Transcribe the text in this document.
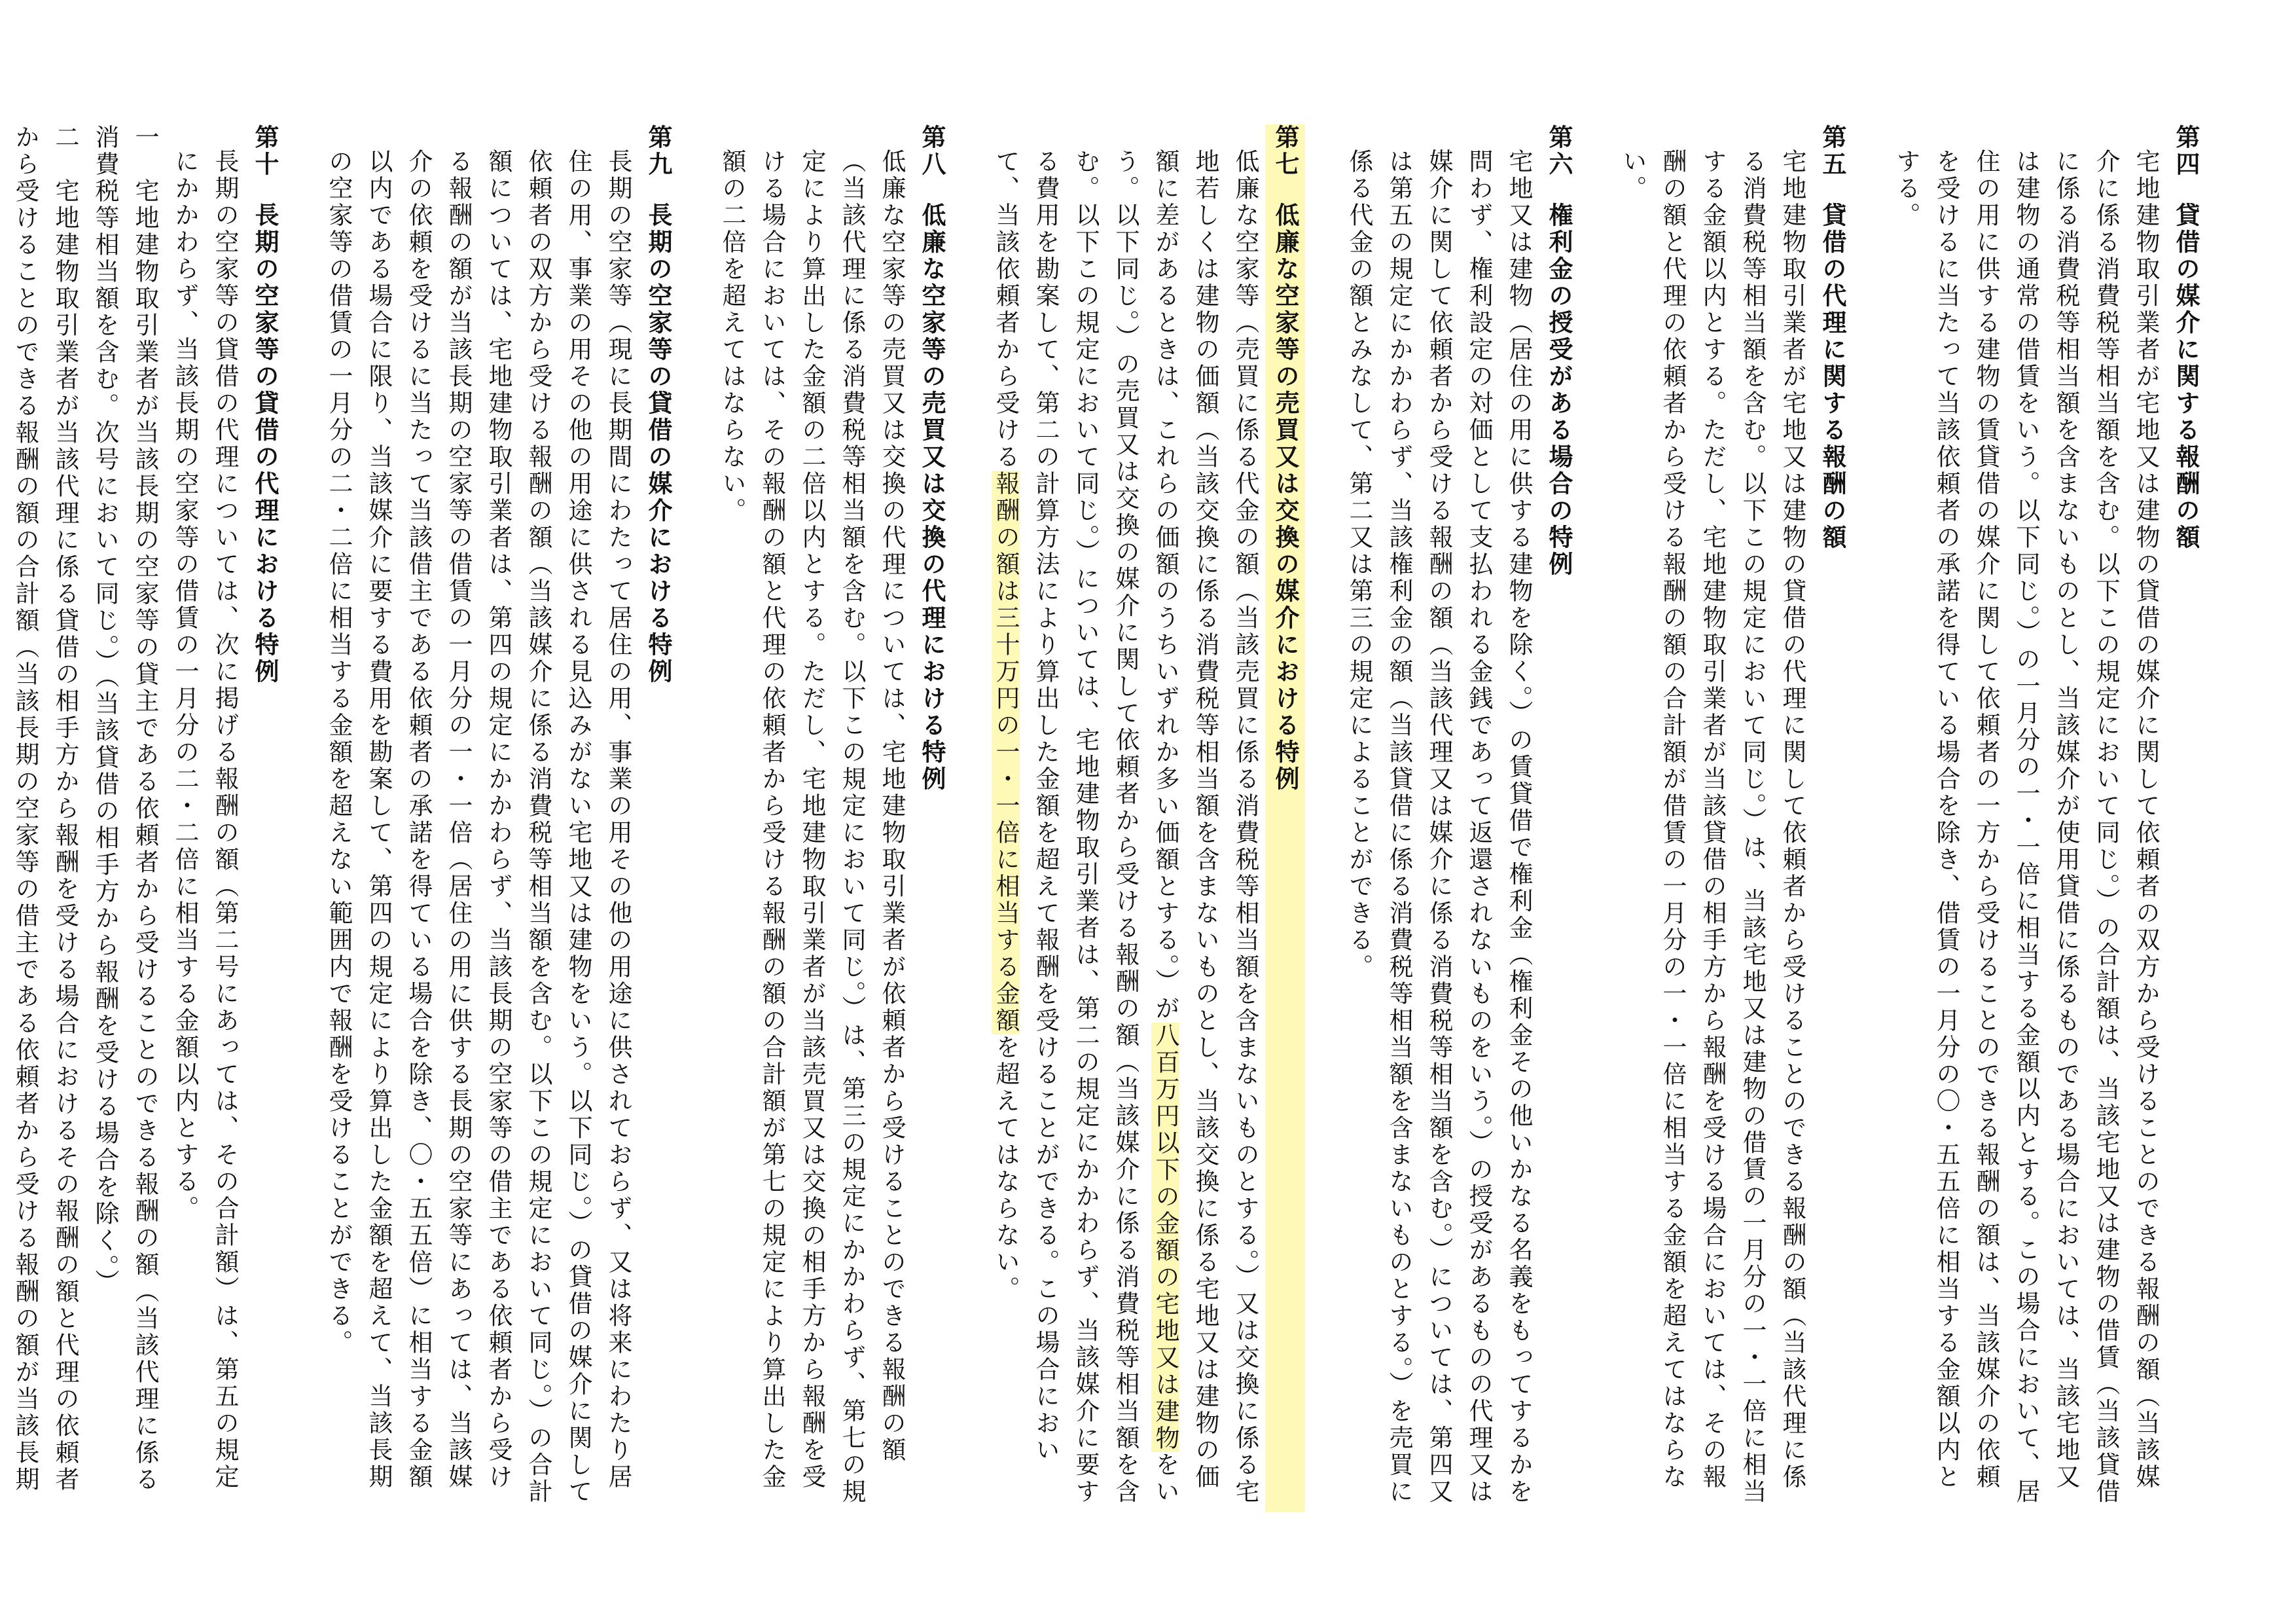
第四貸借の媒介に関する報酬の額
宅地建物取引業者が宅地又は建物の貸借の媒介に関して依頼者の双方から受けることのできる報酬の額（当該媒介に係る消費税等相当額を含む。以下この規定において同じ。）の合計額は、当該宅地又は建物の借賃（当該貸借に係る消費税等相当額を含まないものとし、当該媒介が使用貸借に係るものである場合においては、当該宅地又は建物の通常の借賃をいう。以下同じ。）の一月分の一・一倍に相当する金額以内とする。この場合において、居住の用に供する建物の賃貸借の媒介に関して依頼者の一方から受けることのできる報酬の額は、当該媒介の依頼を受けるに当たって当該依頼者の承諾を得ている場合を除き、借賃の一月分の〇・五五倍に相当する金額以内とする。
第五貸借の代理に関する報酬の額
宅地建物取引業者が宅地又は建物の貸借の代理に関して依頼者から受けることのできる報酬の額（当該代理に係る消費税等相当額を含む。以下この規定において同じ。）は、当該宅地又は建物の借賃の一月分の一・一倍に相当する金額以内とする。ただし、宅地建物取引業者が当該貸借の相手方から報酬を受ける場合においては、その報酬の額と代理の依頼者から受ける報酬の額の合計額が借賃の一月分の一・一倍に相当する金額を超えてはならない。
第六権利金の授受がある場合の特例
宅地又は建物（居住の用に供する建物を除く。）の賃貸借で権利金（権利金その他いかなる名義をもってするかを問わず、権利設定の対価として支払われる金銭であって返還されないものをいう。）の授受があるものの代理又は媒介に関して依頼者から受ける報酬の額（当該代理又は媒介に係る消費税等相当額を含む。）については、第四又は第五の規定にかかわらず、当該権利金の額（当該貸借に係る消費税等相当額を含まないものとする。）を売買に係る代金の額とみなして、第二又は第三の規定によることができる。
第七低廉な空家等の売買又は交換の媒介における特例
低廉な空家等（売買に係る代金の額（当該売買に係る消費税等相当額を含まないものとする。）又は交換に係る宅地若しくは建物の価額（当該交換に係る消費税等相当額を含まないものとし、当該交換に係る宅地又は建物の価額に差があるときは、これらの価額のうちいずれか多い価額とする。）が八百万円以下の金額の宅地又は建物をいう。以下同じ。）の売買又は交換の媒介に関して依頼者から受ける報酬の額（当該媒介に係る消費税等相当額を含む。以下この規定において同じ。）については、宅地建物取引業者は、第二の規定にかかわらず、当該媒介に要する費用を勘案して、第二の計算方法により算出した金額を超えて報酬を受けることができる。この場合において、当該依頼者から受ける報酬の額は三十万円の一・一倍に相当する金額を超えてはならない。
第八低廉な空家等の売買又は交換の代理における特例
低廉な空家等の売買又は交換の代理については、宅地建物取引業者が依頼者から受けることのできる報酬の額（当該代理に係る消費税等相当額を含む。以下この規定において同じ。）は、第三の規定にかかわらず、第七の規定により算出した金額の二倍以内とする。ただし、宅地建物取引業者が当該売買又は交換の相手方から報酬を受ける場合においては、その報酬の額と代理の依頼者から受ける報酬の額の合計額が第七の規定により算出した金額の二倍を超えてはならない。
第九長期の空家等の貸借の媒介における特例
長期の空家等（現に長期間にわたって居住の用、事業の用その他の用途に供されておらず、又は将来にわたり居住の用、事業の用その他の用途に供される見込みがない宅地又は建物をいう。以下同じ。）の貸借の媒介に関して依頼者の双方から受ける報酬の額（当該媒介に係る消費税等相当額を含む。以下この規定において同じ。）の合計額については、宅地建物取引業者は、第四の規定にかかわらず、当該長期の空家等の借主である依頼者から受ける報酬の額が当該長期の空家等の借賃の一月分の一・一倍（居住の用に供する長期の空家等にあっては、当該媒介の依頼を受けるに当たって当該借主である依頼者の承諾を得ている場合を除き、〇・五五倍）に相当する金額以内である場合に限り、当該媒介に要する費用を勘案して、第四の規定により算出した金額を超えて、当該長期の空家等の借賃の一月分の二・二倍に相当する金額を超えない範囲内で報酬を受けることができる。
第十長期の空家等の貸借の代理における特例
長期の空家等の貸借の代理については、次に掲げる報酬の額（第二号にあっては、その合計額）は、第五の規定にかかわらず、当該長期の空家等の借賃の一月分の二・二倍に相当する金額以内とする。
一　宅地建物取引業者が当該長期の空家等の貸主である依頼者から受けることのできる報酬の額（当該代理に係る消費税等相当額を含む。次号において同じ。）（当該貸借の相手方から報酬を受ける場合を除く。）
二　宅地建物取引業者が当該代理に係る貸借の相手方から報酬を受ける場合におけるその報酬の額と代理の依頼者から受けることのできる報酬の額の合計額（当該長期の空家等の借主である依頼者から受ける報酬の額が当該長期
